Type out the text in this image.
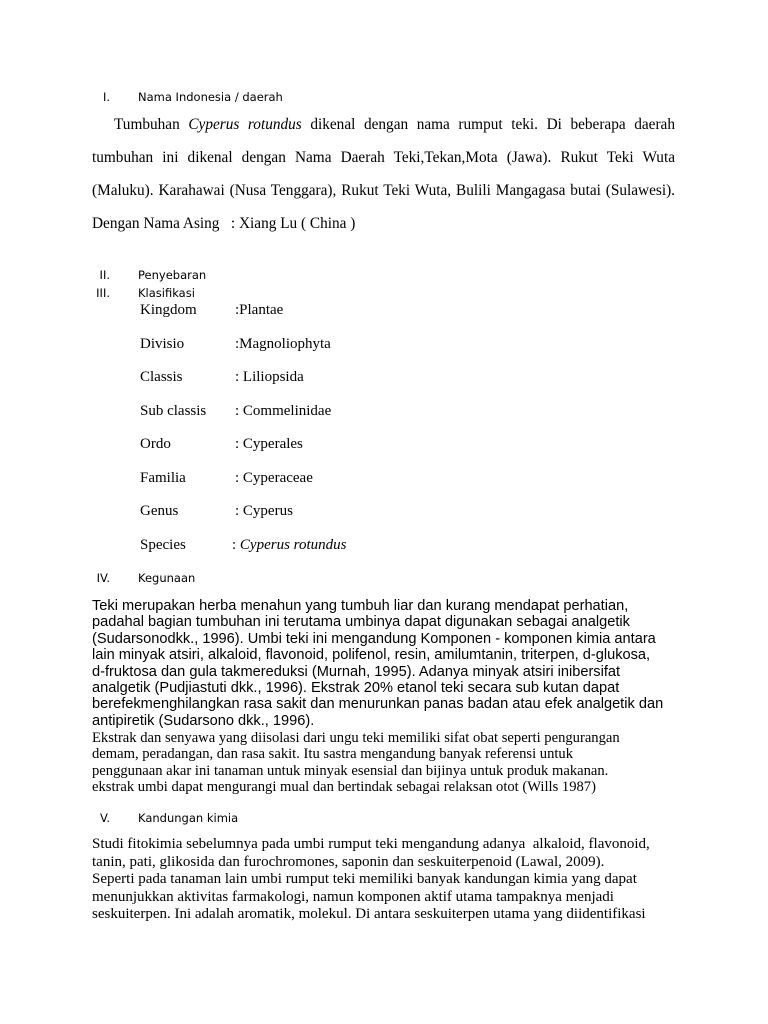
I. Nama Indonesia / daerah
Tumbuhan Cyperus rotundus dikenal dengan nama rumput teki. Di beberapa daerah
tumbuhan ini dikenal dengan Nama Daerah Teki,Tekan,Mota (Jawa). Rukut Teki Wuta
(Maluku). Karahawai (Nusa Tenggara), Rukut Teki Wuta, Bulili Mangagasa butai (Sulawesi).
Dengan Nama Asing   : Xiang Lu ( China )
II. Penyebaran
III. Klasifikasi
Kingdom	:Plantae
Divisio	:Magnoliophyta
Classis	: Liliopsida
Sub classis : Commelinidae
Ordo	: Cyperales
Familia	: Cyperaceae
Genus	: Cyperus
Species	: Cyperus rotundus
IV. Kegunaan
Teki merupakan herba menahun yang tumbuh liar dan kurang mendapat perhatian,
padahal bagian tumbuhan ini terutama umbinya dapat digunakan sebagai analgetik
(Sudarsonodkk., 1996). Umbi teki ini mengandung Komponen - komponen kimia antara
lain minyak atsiri, alkaloid, flavonoid, polifenol, resin, amilumtanin, triterpen, d-glukosa,
d-fruktosa dan gula takmereduksi (Murnah, 1995). Adanya minyak atsiri inibersifat
analgetik (Pudjiastuti dkk., 1996). Ekstrak 20% etanol teki secara sub kutan dapat
berefekmenghilangkan rasa sakit dan menurunkan panas badan atau efek analgetik dan
antipiretik (Sudarsono dkk., 1996).
Ekstrak dan senyawa yang diisolasi dari ungu teki memiliki sifat obat seperti pengurangan
demam, peradangan, dan rasa sakit. Itu sastra mengandung banyak referensi untuk
penggunaan akar ini tanaman untuk minyak esensial dan bijinya untuk produk makanan.
ekstrak umbi dapat mengurangi mual dan bertindak sebagai relaksan otot (Wills 1987)
V. Kandungan kimia
Studi fitokimia sebelumnya pada umbi rumput teki mengandung adanya  alkaloid, flavonoid,
tanin, pati, glikosida dan furochromones, saponin dan seskuiterpenoid (Lawal, 2009).
Seperti pada tanaman lain umbi rumput teki memiliki banyak kandungan kimia yang dapat
menunjukkan aktivitas farmakologi, namun komponen aktif utama tampaknya menjadi
seskuiterpen. Ini adalah aromatik, molekul. Di antara seskuiterpen utama yang diidentifikasi
